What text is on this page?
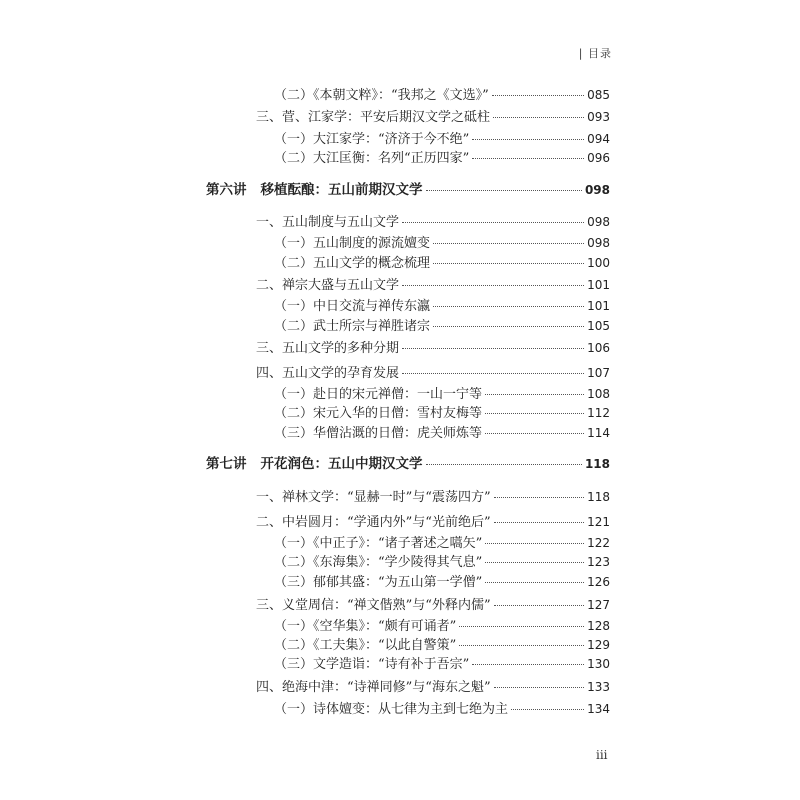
| 目录
（二）《本朝文粹》：“我邦之《文选》”	085
三、菅、江家学：平安后期汉文学之砥柱	093
（一）大江家学：“济济于今不绝”	094
（二）大江匡衡：名列“正历四家”	096
第六讲 移植酝酿：五山前期汉文学	098
一、五山制度与五山文学	098
（一）五山制度的源流嬗变	098
（二）五山文学的概念梳理	100
二、禅宗大盛与五山文学	101
（一）中日交流与禅传东瀛	101
（二）武士所宗与禅胜诸宗	105
三、五山文学的多种分期	106
四、五山文学的孕育发展	107
（一）赴日的宋元禅僧：一山一宁等	108
（二）宋元入华的日僧：雪村友梅等	112
（三）华僧沾溉的日僧：虎关师炼等	114
第七讲 开花润色：五山中期汉文学	118
一、禅林文学：“显赫一时”与“震荡四方”	118
二、中岩圆月：“学通内外”与“光前绝后”	121
（一）《中正子》：“诸子著述之嚆矢”	122
（二）《东海集》：“学少陵得其气息”	123
（三）郁郁其盛：“为五山第一学僧”	126
三、义堂周信：“禅文偕熟”与“外释内儒”	127
（一）《空华集》：“颇有可诵者”	128
（二）《工夫集》：“以此自警策”	129
（三）文学造诣：“诗有补于吾宗”	130
四、绝海中津：“诗禅同修”与“海东之魁”	133
（一）诗体嬗变：从七律为主到七绝为主	134
iii
